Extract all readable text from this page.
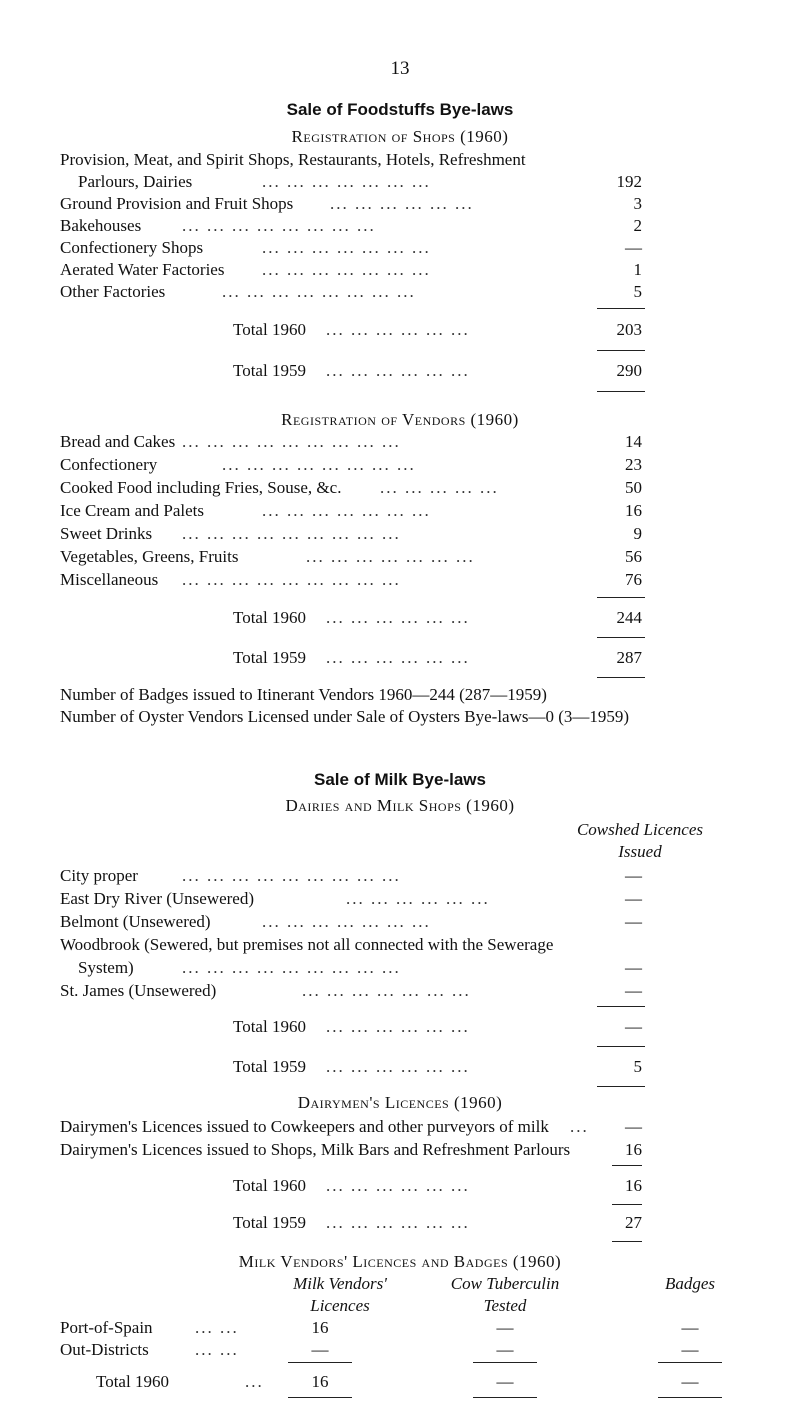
13
Sale of Foodstuffs Bye-laws
Registration of Shops (1960)
Provision, Meat, and Spirit Shops, Restaurants, Hotels, Refreshment
Parlours, Dairies	... ... ... ... ... ... ...	192
Ground Provision and Fruit Shops ... ... ... ... ... ...	3
Bakehouses ... ... ... ... ... ... ... ...	2
Confectionery Shops	... ... ... ... ... ... ...	—
Aerated Water Factories ... ... ... ... ... ... ...	1
Other Factories	... ... ... ... ... ... ... ...	5
Total 1960 ... ... ... ... ... ...	203
Total 1959 ... ... ... ... ... ...	290
Registration of Vendors (1960)
Bread and Cakes ... ... ... ... ... ... ... ... ...	14
Confectionery	... ... ... ... ... ... ... ...	23
Cooked Food including Fries, Souse, &c. ... ... ... ... ...	50
Ice Cream and Palets	... ... ... ... ... ... ...	16
Sweet Drinks ... ... ... ... ... ... ... ... ...	9
Vegetables, Greens, Fruits	... ... ... ... ... ... ...	56
Miscellaneous ... ... ... ... ... ... ... ... ...	76
Total 1960 ... ... ... ... ... ...	244
Total 1959 ... ... ... ... ... ...	287
Number of Badges issued to Itinerant Vendors 1960—244 (287—1959)
Number of Oyster Vendors Licensed under Sale of Oysters Bye-laws—0 (3—1959)
Sale of Milk Bye-laws
Dairies and Milk Shops (1960)
Cowshed Licences
Issued
City proper	... ... ... ... ... ... ... ... ...	—
East Dry River (Unsewered)	... ... ... ... ... ...	—
Belmont (Unsewered)	... ... ... ... ... ... ...	—
Woodbrook (Sewered, but premises not all connected with the Sewerage
System)	... ... ... ... ... ... ... ... ...	—
St. James (Unsewered)	... ... ... ... ... ... ...	—
Total 1960 ... ... ... ... ... ...	—
Total 1959 ... ... ... ... ... ...	5
Dairymen's Licences (1960)
Dairymen's Licences issued to Cowkeepers and other purveyors of milk ...	—
Dairymen's Licences issued to Shops, Milk Bars and Refreshment Parlours	16
Total 1960 ... ... ... ... ... ...	16
Total 1959 ... ... ... ... ... ...	27
Milk Vendors' Licences and Badges (1960)
Milk Vendors'
Licences
Cow Tuberculin
Tested
Badges
Port-of-Spain ... ...	16	—	—
Out-Districts	... ...	—	—	—
Total 1960	...	16	—	—
